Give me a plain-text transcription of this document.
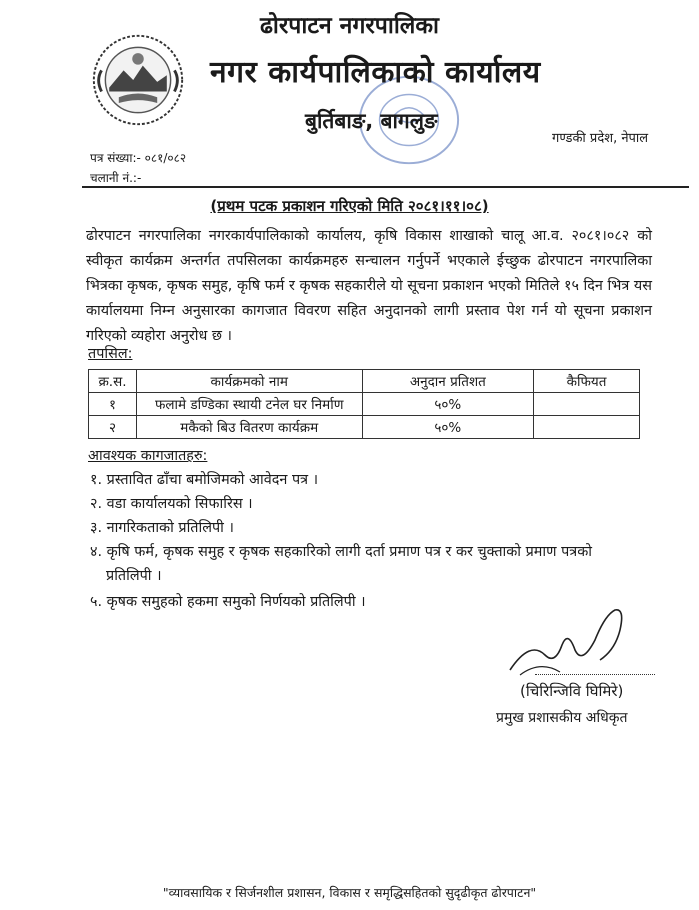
ढोरपाटन नगरपालिका
नगर कार्यपालिकाको कार्यालय
बुर्तिबाङ, बागलुङ
गण्डकी प्रदेश, नेपाल
पत्र संख्या:- ०८१/०८२
चलानी नं.:-
(प्रथम पटक प्रकाशन गरिएको मिति २०८१।११।०८)
ढोरपाटन नगरपालिका नगरकार्यपालिकाको कार्यालय, कृषि विकास शाखाको चालू आ.व. २०८१।०८२ को स्वीकृत कार्यक्रम अन्तर्गत तपसिलका कार्यक्रमहरु सन्चालन गर्नुपर्ने भएकाले ईच्छुक ढोरपाटन नगरपालिका भित्रका कृषक, कृषक समुह, कृषि फर्म र कृषक सहकारीले यो सूचना प्रकाशन भएको मितिले १५ दिन भित्र यस कार्यालयमा निम्न अनुसारका कागजात विवरण सहित अनुदानको लागी प्रस्ताव पेश गर्न यो सूचना प्रकाशन गरिएको व्यहोरा अनुरोध छ ।
तपसिल:
क्र.स.	कार्यक्रमको नाम	अनुदान प्रतिशत	कैफियत
१	फलामे डण्डिका स्थायी टनेल घर निर्माण	५०%	
२	मकैको बिउ वितरण कार्यक्रम	५०%	
आवश्यक कागजातहरु:
१. प्रस्तावित ढाँचा बमोजिमको आवेदन पत्र ।
२. वडा कार्यालयको सिफारिस ।
३. नागरिकताको प्रतिलिपी ।
४. कृषि फर्म, कृषक समुह र कृषक सहकारिको लागी दर्ता प्रमाण पत्र र कर चुक्ताको प्रमाण पत्रको
प्रतिलिपी ।
५. कृषक समुहको हकमा समुको निर्णयको प्रतिलिपी ।
(चिरिन्जिवि घिमिरे)
प्रमुख प्रशासकीय अधिकृत
"व्यावसायिक र सिर्जनशील प्रशासन, विकास र समृद्धिसहितको सुदृढीकृत ढोरपाटन"
